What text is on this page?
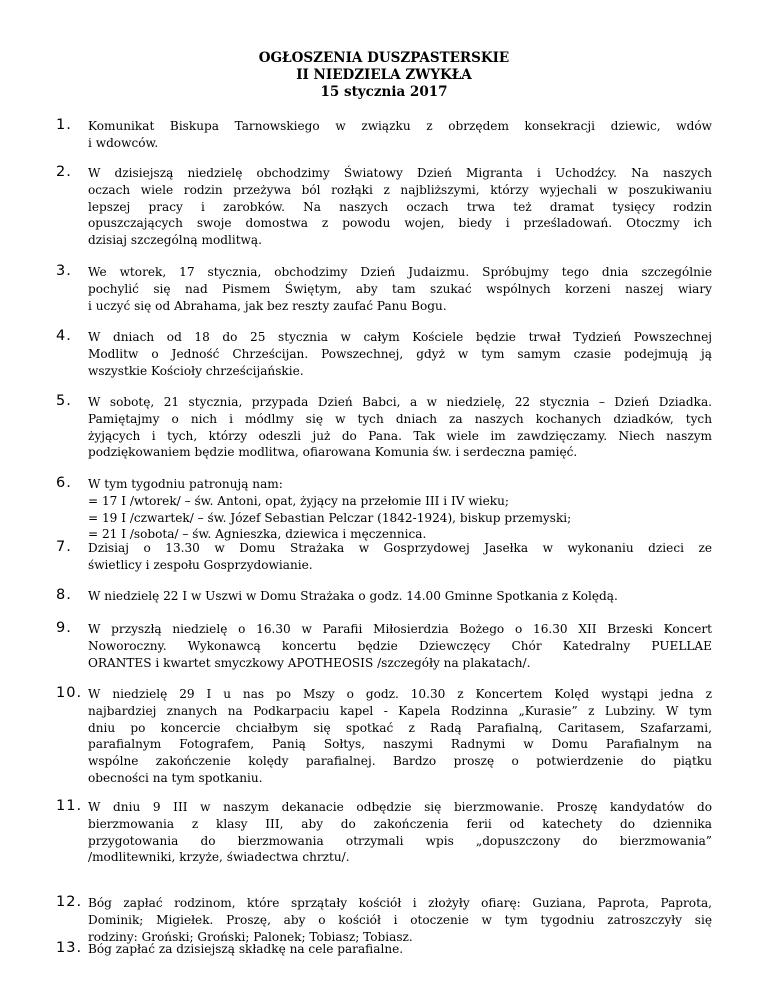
OGŁOSZENIA DUSZPASTERSKIE
II NIEDZIELA ZWYKŁA
15 stycznia 2017
1. Komunikat Biskupa Tarnowskiego w związku z obrzędem konsekracji dziewic, wdów
i wdowców.
2. W dzisiejszą niedzielę obchodzimy Światowy Dzień Migranta i Uchodźcy. Na naszych
oczach wiele rodzin przeżywa ból rozłąki z najbliższymi, którzy wyjechali w poszukiwaniu
lepszej pracy i zarobków. Na naszych oczach trwa też dramat tysięcy rodzin
opuszczających swoje domostwa z powodu wojen, biedy i prześladowań. Otoczmy ich
dzisiaj szczególną modlitwą.
3. We wtorek, 17 stycznia, obchodzimy Dzień Judaizmu. Spróbujmy tego dnia szczególnie
pochylić się nad Pismem Świętym, aby tam szukać wspólnych korzeni naszej wiary
i uczyć się od Abrahama, jak bez reszty zaufać Panu Bogu.
4. W dniach od 18 do 25 stycznia w całym Kościele będzie trwał Tydzień Powszechnej
Modlitw o Jedność Chrześcijan. Powszechnej, gdyż w tym samym czasie podejmują ją
wszystkie Kościoły chrześcijańskie.
5. W sobotę, 21 stycznia, przypada Dzień Babci, a w niedzielę, 22 stycznia – Dzień Dziadka.
Pamiętajmy o nich i módlmy się w tych dniach za naszych kochanych dziadków, tych
żyjących i tych, którzy odeszli już do Pana. Tak wiele im zawdzięczamy. Niech naszym
podziękowaniem będzie modlitwa, ofiarowana Komunia św. i serdeczna pamięć.
6. W tym tygodniu patronują nam:
= 17 I /wtorek/ – św. Antoni, opat, żyjący na przełomie III i IV wieku;
= 19 I /czwartek/ – św. Józef Sebastian Pelczar (1842-1924), biskup przemyski;
= 21 I /sobota/ – św. Agnieszka, dziewica i męczennica.
7. Dzisiaj o 13.30 w Domu Strażaka w Gosprzydowej Jasełka w wykonaniu dzieci ze
świetlicy i zespołu Gosprzydowianie.
8. W niedzielę 22 I w Uszwi w Domu Strażaka o godz. 14.00 Gminne Spotkania z Kolędą.
9. W przyszłą niedzielę o 16.30 w Parafii Miłosierdzia Bożego o 16.30 XII Brzeski Koncert
Noworoczny. Wykonawcą koncertu będzie Dziewczęcy Chór Katedralny PUELLAE
ORANTES i kwartet smyczkowy APOTHEOSIS /szczegóły na plakatach/.
10. W niedzielę 29 I u nas po Mszy o godz. 10.30 z Koncertem Kolęd wystąpi jedna z
najbardziej znanych na Podkarpaciu kapel - Kapela Rodzinna „Kurasie” z Lubziny. W tym
dniu po koncercie chciałbym się spotkać z Radą Parafialną, Caritasem, Szafarzami,
parafialnym Fotografem, Panią Sołtys, naszymi Radnymi w Domu Parafialnym na
wspólne zakończenie kolędy parafialnej. Bardzo proszę o potwierdzenie do piątku
obecności na tym spotkaniu.
11. W dniu 9 III w naszym dekanacie odbędzie się bierzmowanie. Proszę kandydatów do
bierzmowania z klasy III, aby do zakończenia ferii od katechety do dziennika
przygotowania do bierzmowania otrzymali wpis „dopuszczony do bierzmowania”
/modlitewniki, krzyże, świadectwa chrztu/.
12. Bóg zapłać rodzinom, które sprzątały kościół i złożyły ofiarę: Guziana, Paprota, Paprota,
Dominik; Migiełek. Proszę, aby o kościół i otoczenie w tym tygodniu zatroszczyły się
rodziny: Groński; Groński; Palonek; Tobiasz; Tobiasz.
13. Bóg zapłać za dzisiejszą składkę na cele parafialne.
